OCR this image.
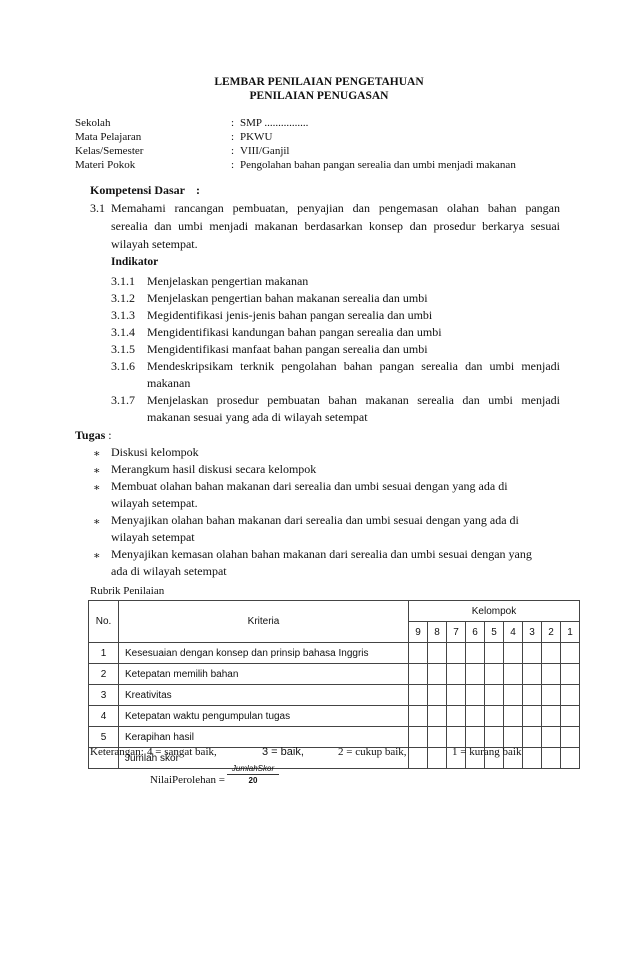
LEMBAR PENILAIAN PENGETAHUAN
PENILAIAN PENUGASAN
Sekolah	: SMP ................
Mata Pelajaran	: PKWU
Kelas/Semester	: VIII/Ganjil
Materi Pokok	: Pengolahan bahan pangan serealia dan umbi menjadi makanan
Kompetensi Dasar :
3.1 Memahami rancangan pembuatan, penyajian dan pengemasan olahan bahan pangan
serealia dan umbi menjadi makanan berdasarkan konsep dan prosedur berkarya sesuai
wilayah setempat.
Indikator
3.1.1 Menjelaskan pengertian makanan
3.1.2 Menjelaskan pengertian bahan makanan serealia dan umbi
3.1.3 Megidentifikasi jenis-jenis bahan pangan serealia dan umbi
3.1.4 Mengidentifikasi kandungan bahan pangan serealia dan umbi
3.1.5 Mengidentifikasi manfaat bahan pangan serealia dan umbi
3.1.6 Mendeskripsikam terknik pengolahan bahan pangan serealia dan umbi menjadi
makanan
3.1.7 Menjelaskan prosedur pembuatan bahan makanan serealia dan umbi menjadi
makanan sesuai yang ada di wilayah setempat
Tugas :
∗ Diskusi kelompok
∗ Merangkum hasil diskusi secara kelompok
∗ Membuat olahan bahan makanan dari serealia dan umbi sesuai dengan yang ada di
wilayah setempat.
∗ Menyajikan olahan bahan makanan dari serealia dan umbi sesuai dengan yang ada di
wilayah setempat
∗ Menyajikan kemasan olahan bahan makanan dari serealia dan umbi sesuai dengan yang
ada di wilayah setempat
Rubrik Penilaian
No.	Kriteria	Kelompok								
		9	8	7	6	5	4	3	2	1
1	Kesesuaian dengan konsep dan prinsip bahasa Inggris									
2	Ketepatan memilih bahan									
3	Kreativitas									
4	Ketepatan waktu pengumpulan tugas									
5	Kerapihan hasil									
	Jumlah skor									
Keterangan: 4 = sangat baik,	3 = baik,	2 = cukup baik,	1 = kurang baik
NilaiPerolehan =
JumlahSkor
20
